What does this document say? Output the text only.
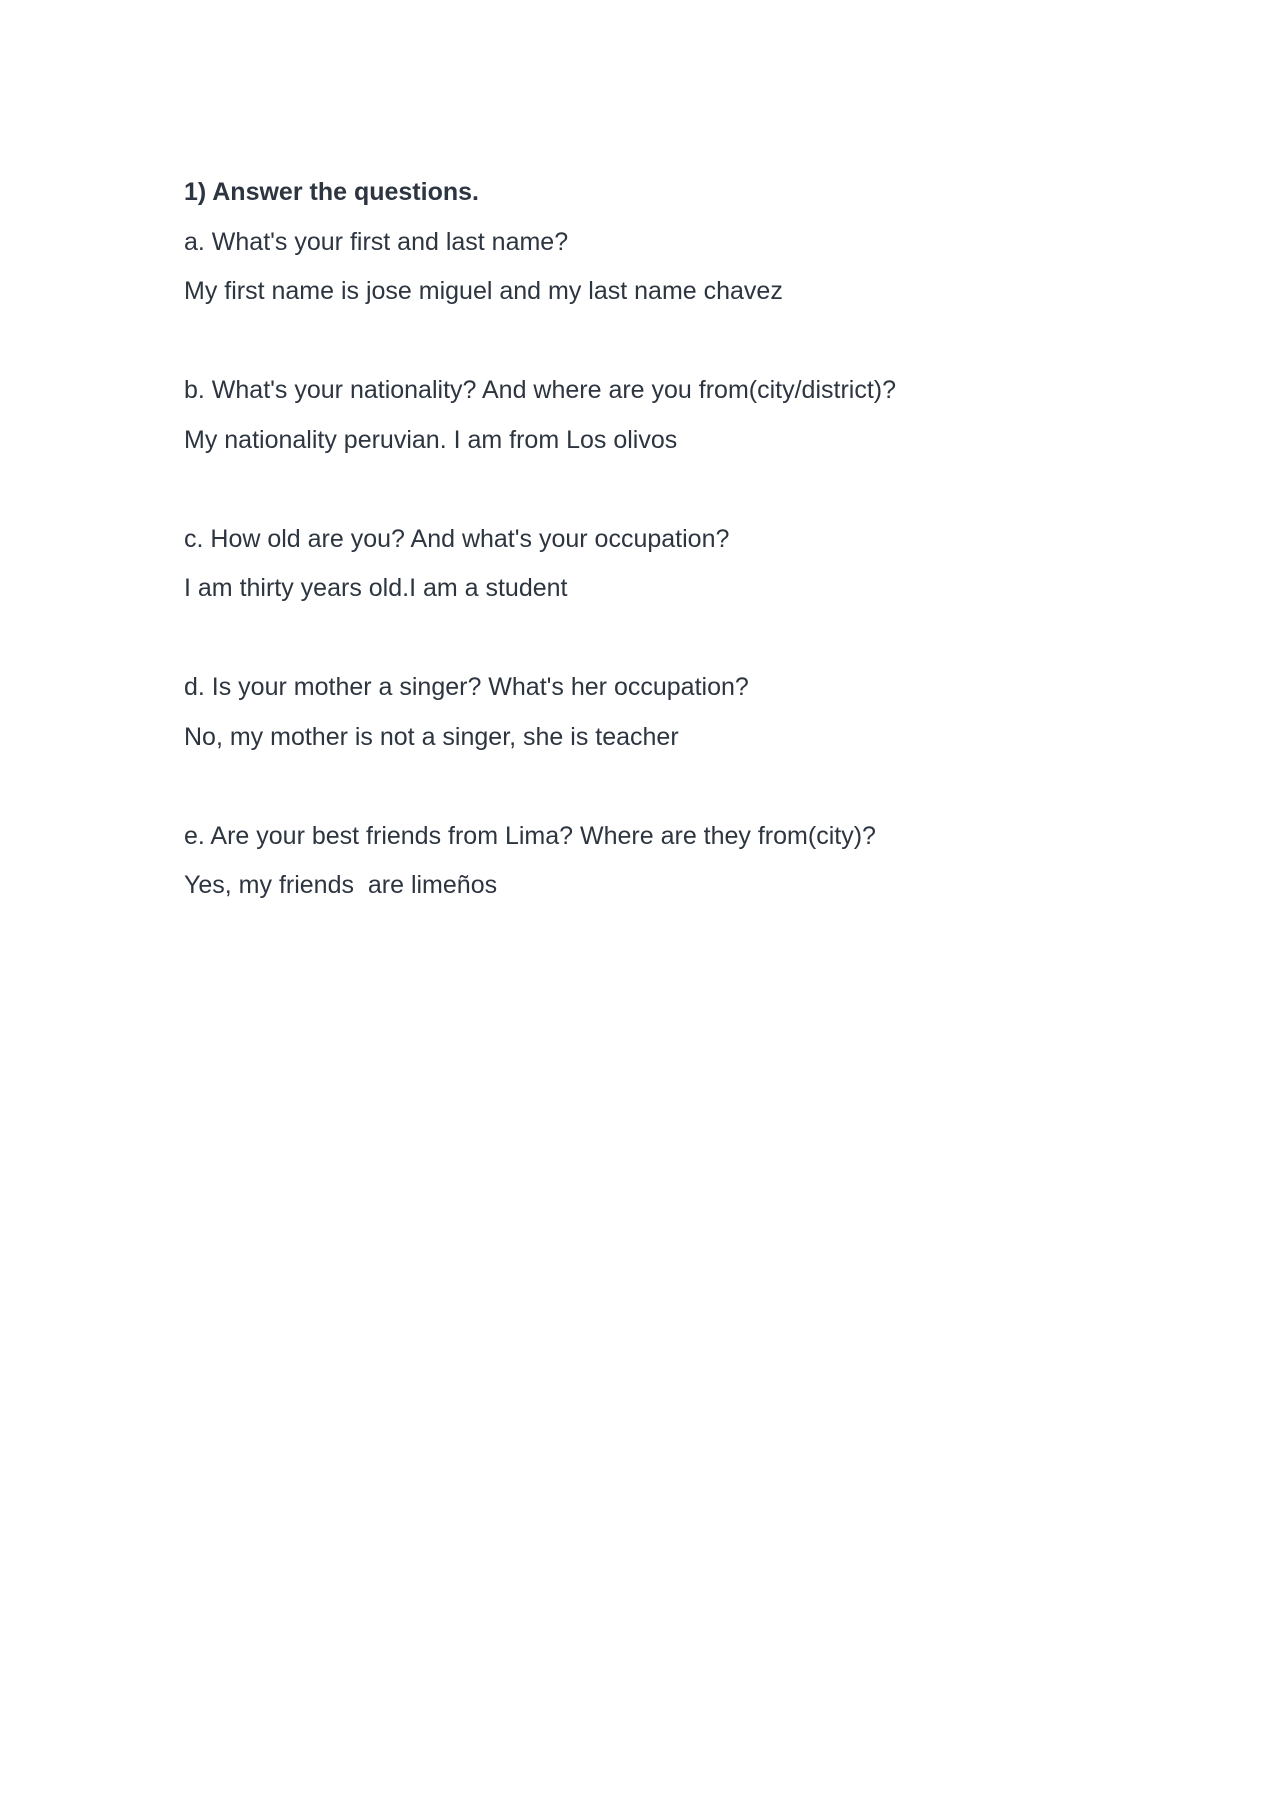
1) Answer the questions.

a. What's your first and last name?

My first name is jose miguel and my last name chavez

b. What's your nationality? And where are you from(city/district)?

My nationality peruvian. I am from Los olivos

c. How old are you? And what's your occupation?

I am thirty years old.I am a student

d. Is your mother a singer? What's her occupation?

No, my mother is not a singer, she is teacher

e. Are your best friends from Lima? Where are they from(city)?

Yes, my friends  are limeños
